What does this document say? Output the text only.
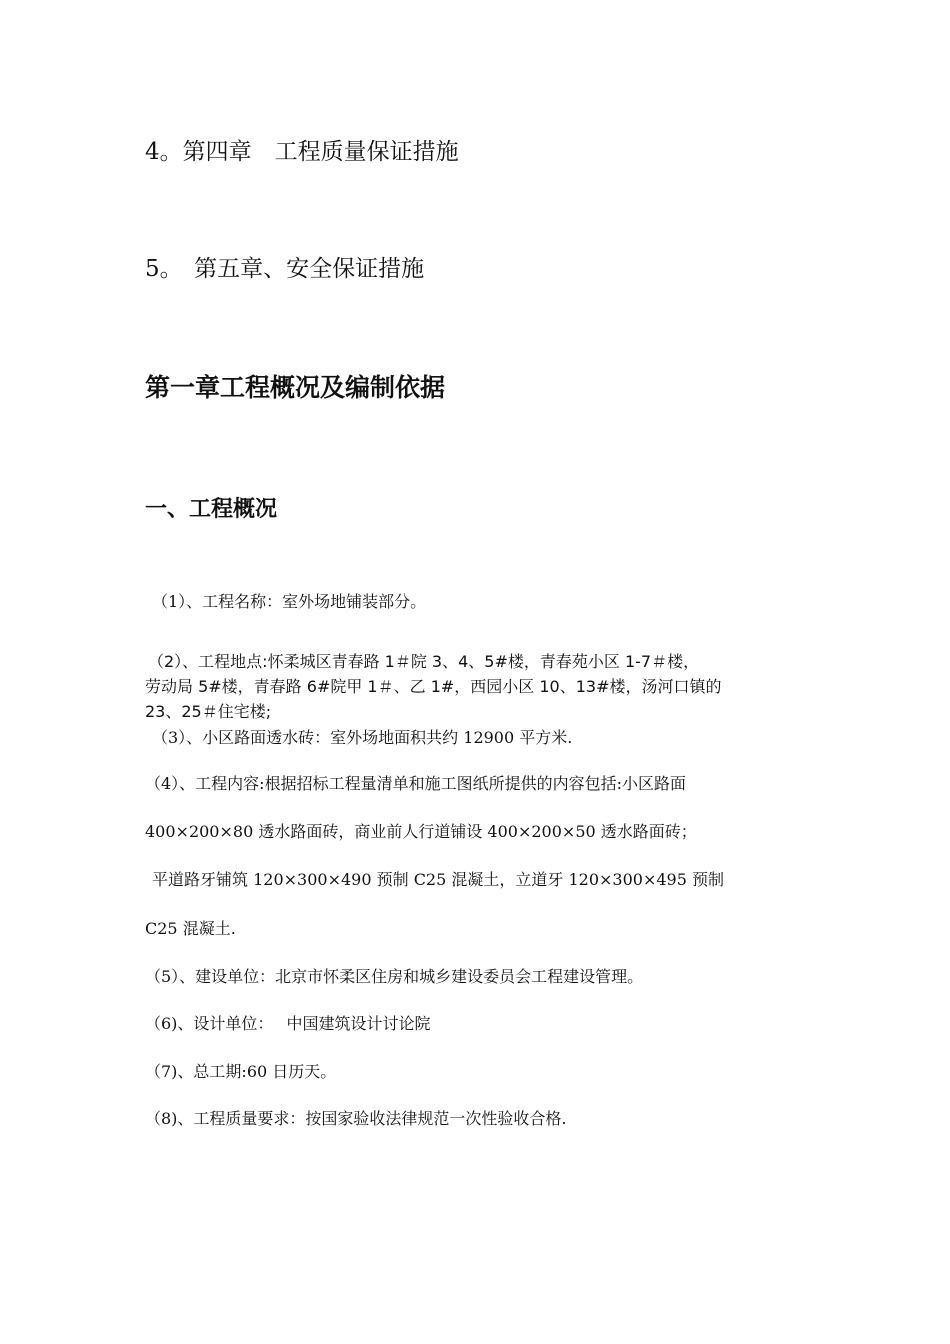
4。第四章　工程质量保证措施

5。　第五章、安全保证措施

第一章工程概况及编制依据
一、工程概况

（1）、工程名称：室外场地铺装部分。

（2）、工程地点:怀柔城区青春路 1＃院 3、4、5#楼，青春苑小区 1-7＃楼，

劳动局 5#楼，青春路 6#院甲 1＃、乙 1#，西园小区 10、13#楼，汤河口镇的

23、25＃住宅楼;

（3）、小区路面透水砖：室外场地面积共约 12900 平方米.

（4）、工程内容:根据招标工程量清单和施工图纸所提供的内容包括:小区路面

400×200×80 透水路面砖，商业前人行道铺设 400×200×50 透水路面砖；

平道路牙铺筑 120×300×490 预制 C25 混凝土，立道牙 120×300×495 预制

C25 混凝土.

（5）、建设单位：北京市怀柔区住房和城乡建设委员会工程建设管理。

（6)、设计单位：　 中国建筑设计讨论院

（7)、总工期:60 日历天。

（8)、工程质量要求：按国家验收法律规范一次性验收合格.
